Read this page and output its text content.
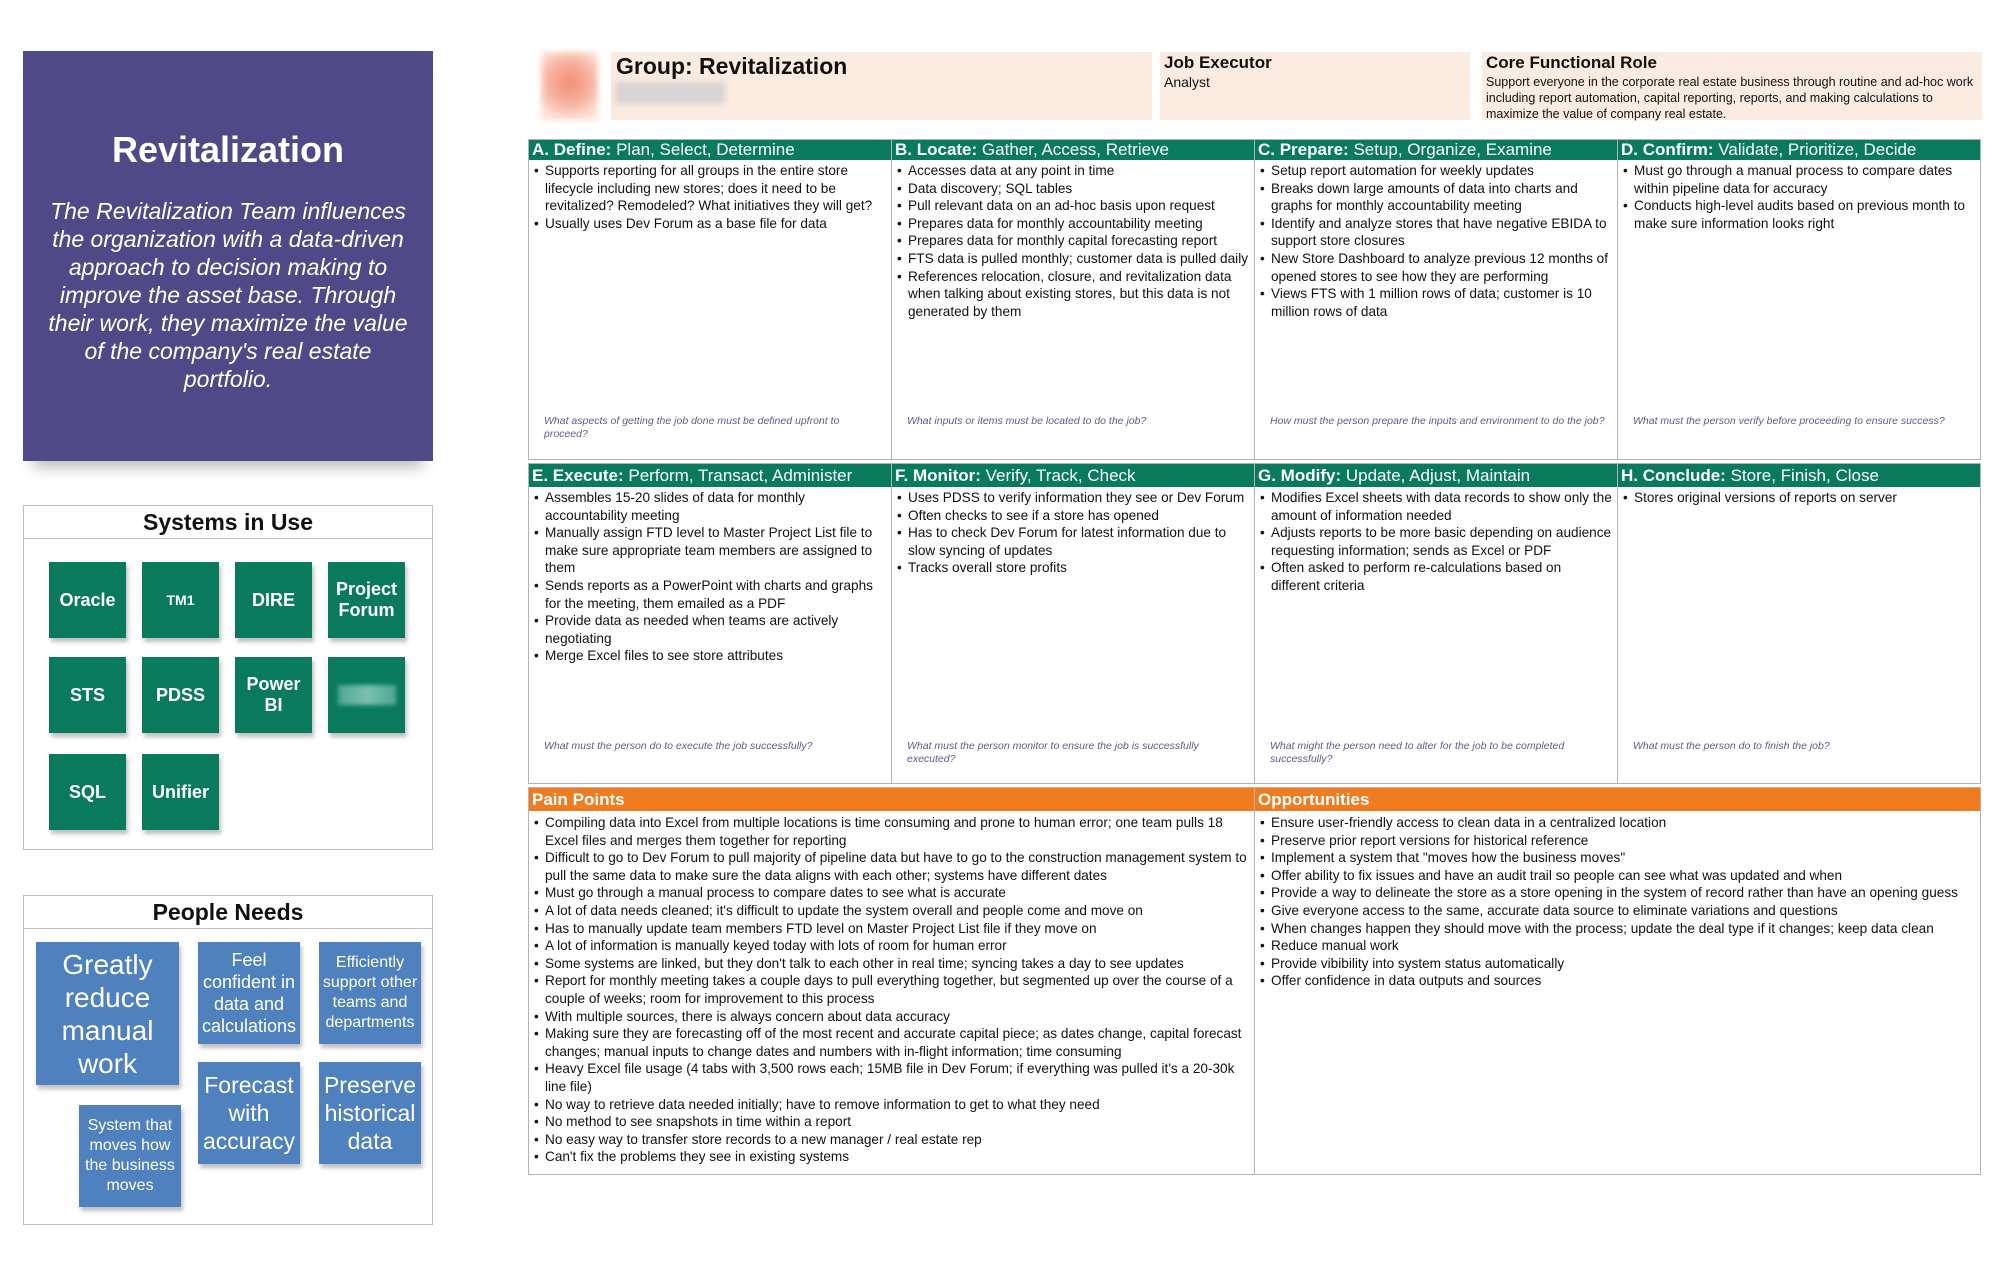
Revitalization

The Revitalization Team influences the organization with a data-driven approach to decision making to improve the asset base. Through their work, they maximize the value of the company's real estate portfolio.

Systems in Use
Oracle	TM1	DIRE
Project Forum
STS	PDSS
Power BI
SQL	Unifier
People Needs
Greatly reduce manual work
Feel confident in data and calculations
Efficiently support other teams and departments
Forecast with accuracy
Preserve historical data
System that moves how the business moves
Group: Revitalization	Job Executor
Analyst
Core Functional Role
Support everyone in the corporate real estate business through routine and ad-hoc work including report automation, capital reporting, reports, and making calculations to maximize the value of company real estate.
A. Define: Plan, Select, Determine
• Supports reporting for all groups in the entire store lifecycle including new stores; does it need to be revitalized? Remodeled? What initiatives they will get?
• Usually uses Dev Forum as a base file for data
What aspects of getting the job done must be defined upfront to proceed?
B. Locate: Gather, Access, Retrieve
• Accesses data at any point in time
• Data discovery; SQL tables
• Pull relevant data on an ad-hoc basis upon request
• Prepares data for monthly accountability meeting
• Prepares data for monthly capital forecasting report
• FTS data is pulled monthly; customer data is pulled daily
• References relocation, closure, and revitalization data when talking about existing stores, but this data is not generated by them
What inputs or items must be located to do the job?
C. Prepare: Setup, Organize, Examine
• Setup report automation for weekly updates
• Breaks down large amounts of data into charts and graphs for monthly accountability meeting
• Identify and analyze stores that have negative EBIDA to support store closures
• New Store Dashboard to analyze previous 12 months of opened stores to see how they are performing
• Views FTS with 1 million rows of data; customer is 10 million rows of data
How must the person prepare the inputs and environment to do the job?
D. Confirm: Validate, Prioritize, Decide
• Must go through a manual process to compare dates within pipeline data for accuracy
• Conducts high-level audits based on previous month to make sure information looks right
What must the person verify before proceeding to ensure success?
E. Execute: Perform, Transact, Administer
• Assembles 15-20 slides of data for monthly accountability meeting
• Manually assign FTD level to Master Project List file to make sure appropriate team members are assigned to them
• Sends reports as a PowerPoint with charts and graphs for the meeting, them emailed as a PDF
• Provide data as needed when teams are actively negotiating
• Merge Excel files to see store attributes
What must the person do to execute the job successfully?
F. Monitor: Verify, Track, Check
• Uses PDSS to verify information they see or Dev Forum
• Often checks to see if a store has opened
• Has to check Dev Forum for latest information due to slow syncing of updates
• Tracks overall store profits
What must the person monitor to ensure the job is successfully executed?
G. Modify: Update, Adjust, Maintain
• Modifies Excel sheets with data records to show only the amount of information needed
• Adjusts reports to be more basic depending on audience requesting information; sends as Excel or PDF
• Often asked to perform re-calculations based on different criteria
What might the person need to alter for the job to be completed successfully?
H. Conclude: Store, Finish, Close
• Stores original versions of reports on server
What must the person do to finish the job?
Pain Points
• Compiling data into Excel from multiple locations is time consuming and prone to human error; one team pulls 18 Excel files and merges them together for reporting
• Difficult to go to Dev Forum to pull majority of pipeline data but have to go to the construction management system to pull the same data to make sure the data aligns with each other; systems have different dates
• Must go through a manual process to compare dates to see what is accurate
• A lot of data needs cleaned; it's difficult to update the system overall and people come and move on
• Has to manually update team members FTD level on Master Project List file if they move on
• A lot of information is manually keyed today with lots of room for human error
• Some systems are linked, but they don't talk to each other in real time; syncing takes a day to see updates
• Report for monthly meeting takes a couple days to pull everything together, but segmented up over the course of a couple of weeks; room for improvement to this process
• With multiple sources, there is always concern about data accuracy
• Making sure they are forecasting off of the most recent and accurate capital piece; as dates change, capital forecast changes; manual inputs to change dates and numbers with in-flight information; time consuming
• Heavy Excel file usage (4 tabs with 3,500 rows each; 15MB file in Dev Forum; if everything was pulled it's a 20-30k line file)
• No way to retrieve data needed initially; have to remove information to get to what they need
• No method to see snapshots in time within a report
• No easy way to transfer store records to a new manager / real estate rep
• Can't fix the problems they see in existing systems
Opportunities
• Ensure user-friendly access to clean data in a centralized location
• Preserve prior report versions for historical reference
• Implement a system that "moves how the business moves"
• Offer ability to fix issues and have an audit trail so people can see what was updated and when
• Provide a way to delineate the store as a store opening in the system of record rather than have an opening guess
• Give everyone access to the same, accurate data source to eliminate variations and questions
• When changes happen they should move with the process; update the deal type if it changes; keep data clean
• Reduce manual work
• Provide vibibility into system status automatically
• Offer confidence in data outputs and sources
